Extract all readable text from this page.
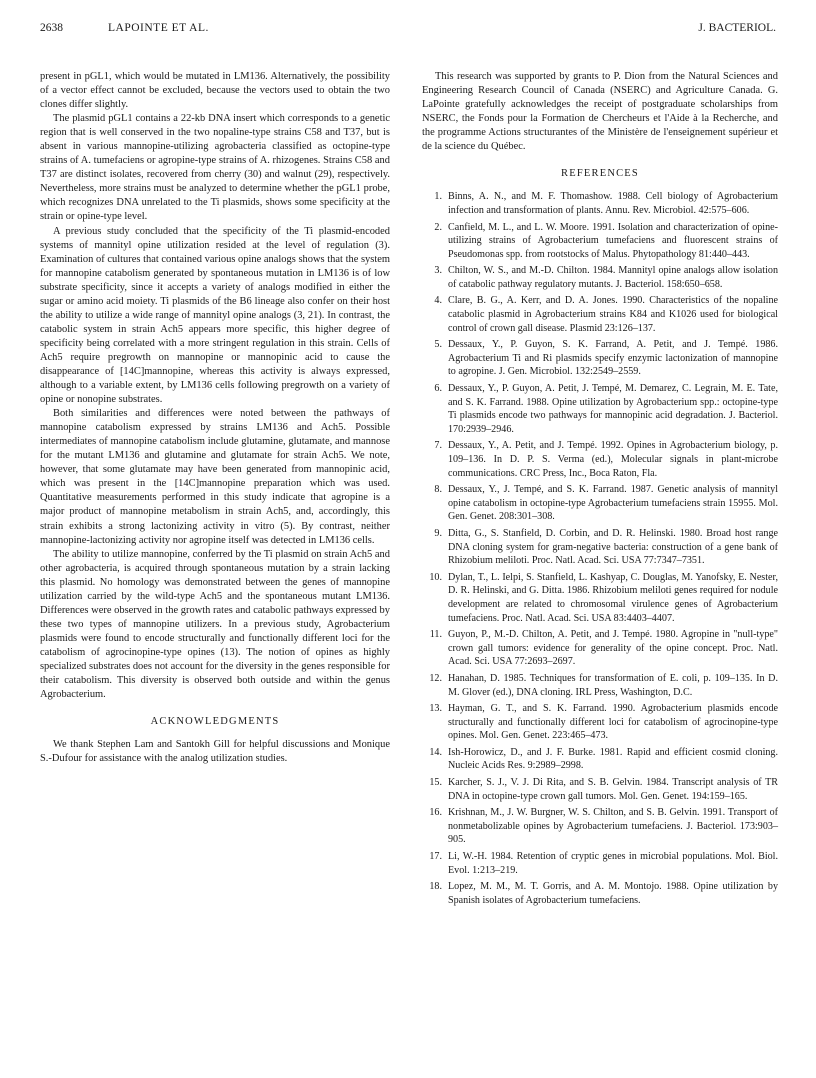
2638	LAPOINTE ET AL.	J. BACTERIOL.

present in pGL1, which would be mutated in LM136. Alternatively, the possibility of a vector effect cannot be excluded, because the vectors used to obtain the two clones differ slightly.

The plasmid pGL1 contains a 22-kb DNA insert which corresponds to a genetic region that is well conserved in the two nopaline-type strains C58 and T37, but is absent in various mannopine-utilizing agrobacteria classified as octopine-type strains of A. tumefaciens or agropine-type strains of A. rhizogenes. Strains C58 and T37 are distinct isolates, recovered from cherry (30) and walnut (29), respectively. Nevertheless, more strains must be analyzed to determine whether the pGL1 probe, which recognizes DNA unrelated to the Ti plasmids, shows some specificity at the strain or opine-type level.

A previous study concluded that the specificity of the Ti plasmid-encoded systems of mannityl opine utilization resided at the level of regulation (3). Examination of cultures that contained various opine analogs shows that the system for mannopine catabolism generated by spontaneous mutation in LM136 is of low substrate specificity, since it accepts a variety of analogs modified in either the sugar or amino acid moiety. Ti plasmids of the B6 lineage also confer on their host the ability to utilize a wide range of mannityl opine analogs (3, 21). In contrast, the catabolic system in strain Ach5 appears more specific, this higher degree of specificity being correlated with a more stringent regulation in this strain. Cells of Ach5 require pregrowth on mannopine or mannopinic acid to cause the disappearance of [14C]mannopine, whereas this activity is always expressed, although to a variable extent, by LM136 cells following pregrowth on a variety of opine or nonopine substrates.

Both similarities and differences were noted between the pathways of mannopine catabolism expressed by strains LM136 and Ach5. Possible intermediates of mannopine catabolism include glutamine, glutamate, and mannose for the mutant LM136 and glutamine and glutamate for strain Ach5. We note, however, that some glutamate may have been generated from mannopinic acid, which was present in the [14C]mannopine preparation which was used. Quantitative measurements performed in this study indicate that agropine is a major product of mannopine metabolism in strain Ach5, and, accordingly, this strain exhibits a strong lactonizing activity in vitro (5). By contrast, neither mannopine-lactonizing activity nor agropine itself was detected in LM136 cells.

The ability to utilize mannopine, conferred by the Ti plasmid on strain Ach5 and other agrobacteria, is acquired through spontaneous mutation by a strain lacking this plasmid. No homology was demonstrated between the genes of mannopine utilization carried by the wild-type Ach5 and the spontaneous mutant LM136. Differences were observed in the growth rates and catabolic pathways expressed by these two types of mannopine utilizers. In a previous study, Agrobacterium plasmids were found to encode structurally and functionally different loci for the catabolism of agrocinopine-type opines (13). The notion of opines as highly specialized substrates does not account for the diversity in the genes responsible for their catabolism. This diversity is observed both outside and within the genus Agrobacterium.

ACKNOWLEDGMENTS

We thank Stephen Lam and Santokh Gill for helpful discussions and Monique S.-Dufour for assistance with the analog utilization studies.

This research was supported by grants to P. Dion from the Natural Sciences and Engineering Research Council of Canada (NSERC) and Agriculture Canada. G. LaPointe gratefully acknowledges the receipt of postgraduate scholarships from NSERC, the Fonds pour la Formation de Chercheurs et l'Aide à la Recherche, and the programme Actions structurantes of the Ministère de l'enseignement supérieur et de la science du Québec.

REFERENCES
1. Binns, A. N., and M. F. Thomashow. 1988. Cell biology of Agrobacterium infection and transformation of plants. Annu. Rev. Microbiol. 42:575–606.
2. Canfield, M. L., and L. W. Moore. 1991. Isolation and characterization of opine-utilizing strains of Agrobacterium tumefaciens and fluorescent strains of Pseudomonas spp. from rootstocks of Malus. Phytopathology 81:440–443.
3. Chilton, W. S., and M.-D. Chilton. 1984. Mannityl opine analogs allow isolation of catabolic pathway regulatory mutants. J. Bacteriol. 158:650–658.
4. Clare, B. G., A. Kerr, and D. A. Jones. 1990. Characteristics of the nopaline catabolic plasmid in Agrobacterium strains K84 and K1026 used for biological control of crown gall disease. Plasmid 23:126–137.
5. Dessaux, Y., P. Guyon, S. K. Farrand, A. Petit, and J. Tempé. 1986. Agrobacterium Ti and Ri plasmids specify enzymic lactonization of mannopine to agropine. J. Gen. Microbiol. 132:2549–2559.
6. Dessaux, Y., P. Guyon, A. Petit, J. Tempé, M. Demarez, C. Legrain, M. E. Tate, and S. K. Farrand. 1988. Opine utilization by Agrobacterium spp.: octopine-type Ti plasmids encode two pathways for mannopinic acid degradation. J. Bacteriol. 170:2939–2946.
7. Dessaux, Y., A. Petit, and J. Tempé. 1992. Opines in Agrobacterium biology, p. 109–136. In D. P. S. Verma (ed.), Molecular signals in plant-microbe communications. CRC Press, Inc., Boca Raton, Fla.
8. Dessaux, Y., J. Tempé, and S. K. Farrand. 1987. Genetic analysis of mannityl opine catabolism in octopine-type Agrobacterium tumefaciens strain 15955. Mol. Gen. Genet. 208:301–308.
9. Ditta, G., S. Stanfield, D. Corbin, and D. R. Helinski. 1980. Broad host range DNA cloning system for gram-negative bacteria: construction of a gene bank of Rhizobium meliloti. Proc. Natl. Acad. Sci. USA 77:7347–7351.
10. Dylan, T., L. Ielpi, S. Stanfield, L. Kashyap, C. Douglas, M. Yanofsky, E. Nester, D. R. Helinski, and G. Ditta. 1986. Rhizobium meliloti genes required for nodule development are related to chromosomal virulence genes of Agrobacterium tumefaciens. Proc. Natl. Acad. Sci. USA 83:4403–4407.
11. Guyon, P., M.-D. Chilton, A. Petit, and J. Tempé. 1980. Agropine in "null-type" crown gall tumors: evidence for generality of the opine concept. Proc. Natl. Acad. Sci. USA 77:2693–2697.
12. Hanahan, D. 1985. Techniques for transformation of E. coli, p. 109–135. In D. M. Glover (ed.), DNA cloning. IRL Press, Washington, D.C.
13. Hayman, G. T., and S. K. Farrand. 1990. Agrobacterium plasmids encode structurally and functionally different loci for catabolism of agrocinopine-type opines. Mol. Gen. Genet. 223:465–473.
14. Ish-Horowicz, D., and J. F. Burke. 1981. Rapid and efficient cosmid cloning. Nucleic Acids Res. 9:2989–2998.
15. Karcher, S. J., V. J. Di Rita, and S. B. Gelvin. 1984. Transcript analysis of TR DNA in octopine-type crown gall tumors. Mol. Gen. Genet. 194:159–165.
16. Krishnan, M., J. W. Burgner, W. S. Chilton, and S. B. Gelvin. 1991. Transport of nonmetabolizable opines by Agrobacterium tumefaciens. J. Bacteriol. 173:903–905.
17. Li, W.-H. 1984. Retention of cryptic genes in microbial populations. Mol. Biol. Evol. 1:213–219.
18. Lopez, M. M., M. T. Gorris, and A. M. Montojo. 1988. Opine utilization by Spanish isolates of Agrobacterium tumefaciens.
